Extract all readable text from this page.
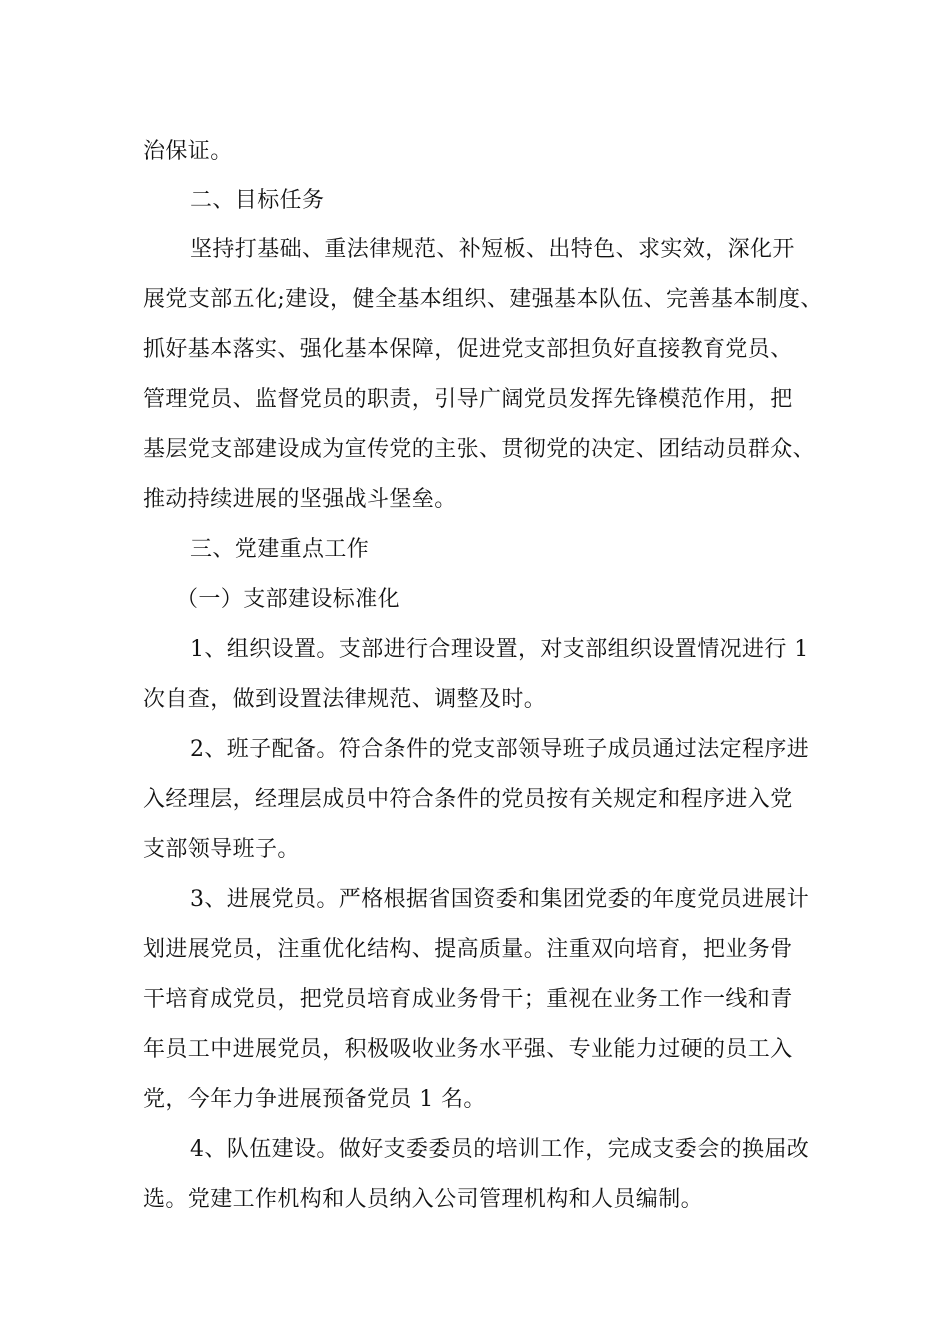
治保证。
二、目标任务
坚持打基础、重法律规范、补短板、出特色、求实效，深化开
展党支部五化;建设，健全基本组织、建强基本队伍、完善基本制度、
抓好基本落实、强化基本保障，促进党支部担负好直接教育党员、
管理党员、监督党员的职责，引导广阔党员发挥先锋模范作用，把
基层党支部建设成为宣传党的主张、贯彻党的决定、团结动员群众、
推动持续进展的坚强战斗堡垒。
三、党建重点工作
（一）支部建设标准化
1、组织设置。支部进行合理设置，对支部组织设置情况进行 1
次自查，做到设置法律规范、调整及时。
2、班子配备。符合条件的党支部领导班子成员通过法定程序进
入经理层，经理层成员中符合条件的党员按有关规定和程序进入党
支部领导班子。
3、进展党员。严格根据省国资委和集团党委的年度党员进展计
划进展党员，注重优化结构、提高质量。注重双向培育，把业务骨
干培育成党员，把党员培育成业务骨干；重视在业务工作一线和青
年员工中进展党员，积极吸收业务水平强、专业能力过硬的员工入
党，今年力争进展预备党员 1 名。
4、队伍建设。做好支委委员的培训工作，完成支委会的换届改
选。党建工作机构和人员纳入公司管理机构和人员编制。
